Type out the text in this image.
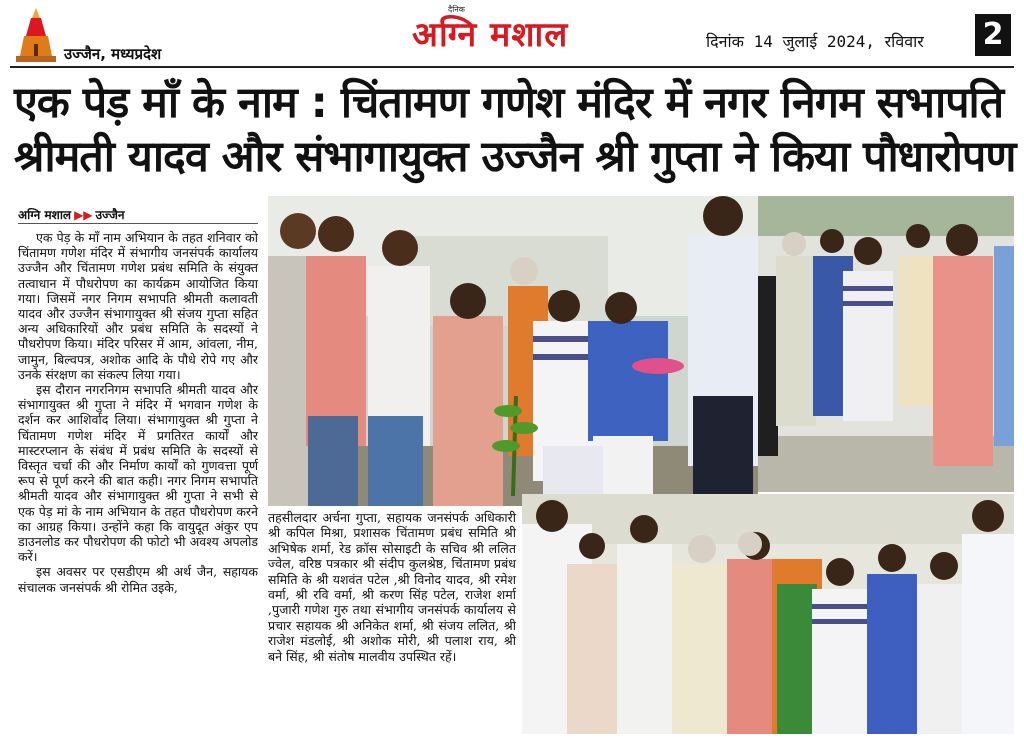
उज्जैन, मध्यप्रदेश
दैनिक
अग्नि मशाल	दिनांक 14 जुलाई 2024, रविवार 2
एक पेड़ माँ के नाम : चिंतामण गणेश मंदिर में नगर निगम सभापति
श्रीमती यादव और संभागायुक्त उज्जैन श्री गुप्ता ने किया पौधारोपण
अग्नि मशाल ▶▶ उज्जैन

एक पेड़ के माँ नाम अभियान के तहत शनिवार को चिंतामण गणेश मंदिर में संभागीय जनसंपर्क कार्यालय उज्जैन और चिंतामण गणेश प्रबंध समिति के संयुक्त तत्वाधान में पौधरोपण का कार्यक्रम आयोजित किया गया। जिसमें नगर निगम सभापति श्रीमती कलावती यादव और उज्जैन संभागायुक्त श्री संजय गुप्ता सहित अन्य अधिकारियों और प्रबंध समिति के सदस्यों ने पौधरोपण किया। मंदिर परिसर में आम, आंवला, नीम, जामुन, बिल्वपत्र, अशोक आदि के पौधे रोपे गए और उनके संरक्षण का संकल्प लिया गया।

इस दौरान नगरनिगम सभापति श्रीमती यादव और संभागायुक्त श्री गुप्ता ने मंदिर में भगवान गणेश के दर्शन कर आशिर्वाद लिया। संभागायुक्त श्री गुप्ता ने चिंतामण गणेश मंदिर में प्रगतिरत कार्यों और मास्टरप्लान के संबंध में प्रबंध समिति के सदस्यों से विस्तृत चर्चा की और निर्माण कार्यों को गुणवत्ता पूर्ण रूप से पूर्ण करने की बात कही। नगर निगम सभापति श्रीमती यादव और संभागायुक्त श्री गुप्ता ने सभी से एक पेड़ मां के नाम अभियान के तहत पौधरोपण करने का आग्रह किया। उन्होंने कहा कि वायुदूत अंकुर एप डाउनलोड कर पौधरोपण की फोटो भी अवश्य अपलोड करें।

इस अवसर पर एसडीएम श्री अर्थ जैन, सहायक संचालक जनसंपर्क श्री रोमित उइके,

तहसीलदार अर्चना गुप्ता, सहायक जनसंपर्क अधिकारी श्री कपिल मिश्रा, प्रशासक चिंतामण प्रबंध समिति श्री अभिषेक शर्मा, रेड क्रॉस सोसाइटी के सचिव श्री ललित ज्वेल, वरिष्ठ पत्रकार श्री संदीप कुलश्रेष्ठ, चिंतामण प्रबंध समिति के श्री यशवंत पटेल ,श्री विनोद यादव, श्री रमेश वर्मा, श्री रवि वर्मा, श्री करण सिंह पटेल, राजेश शर्मा ,पुजारी गणेश गुरु तथा संभागीय जनसंपर्क कार्यालय से प्रचार सहायक श्री अनिकेत शर्मा, श्री संजय ललित, श्री राजेश मंडलोई, श्री अशोक मोरी, श्री पलाश राय, श्री बने सिंह, श्री संतोष मालवीय उपस्थित रहें।
